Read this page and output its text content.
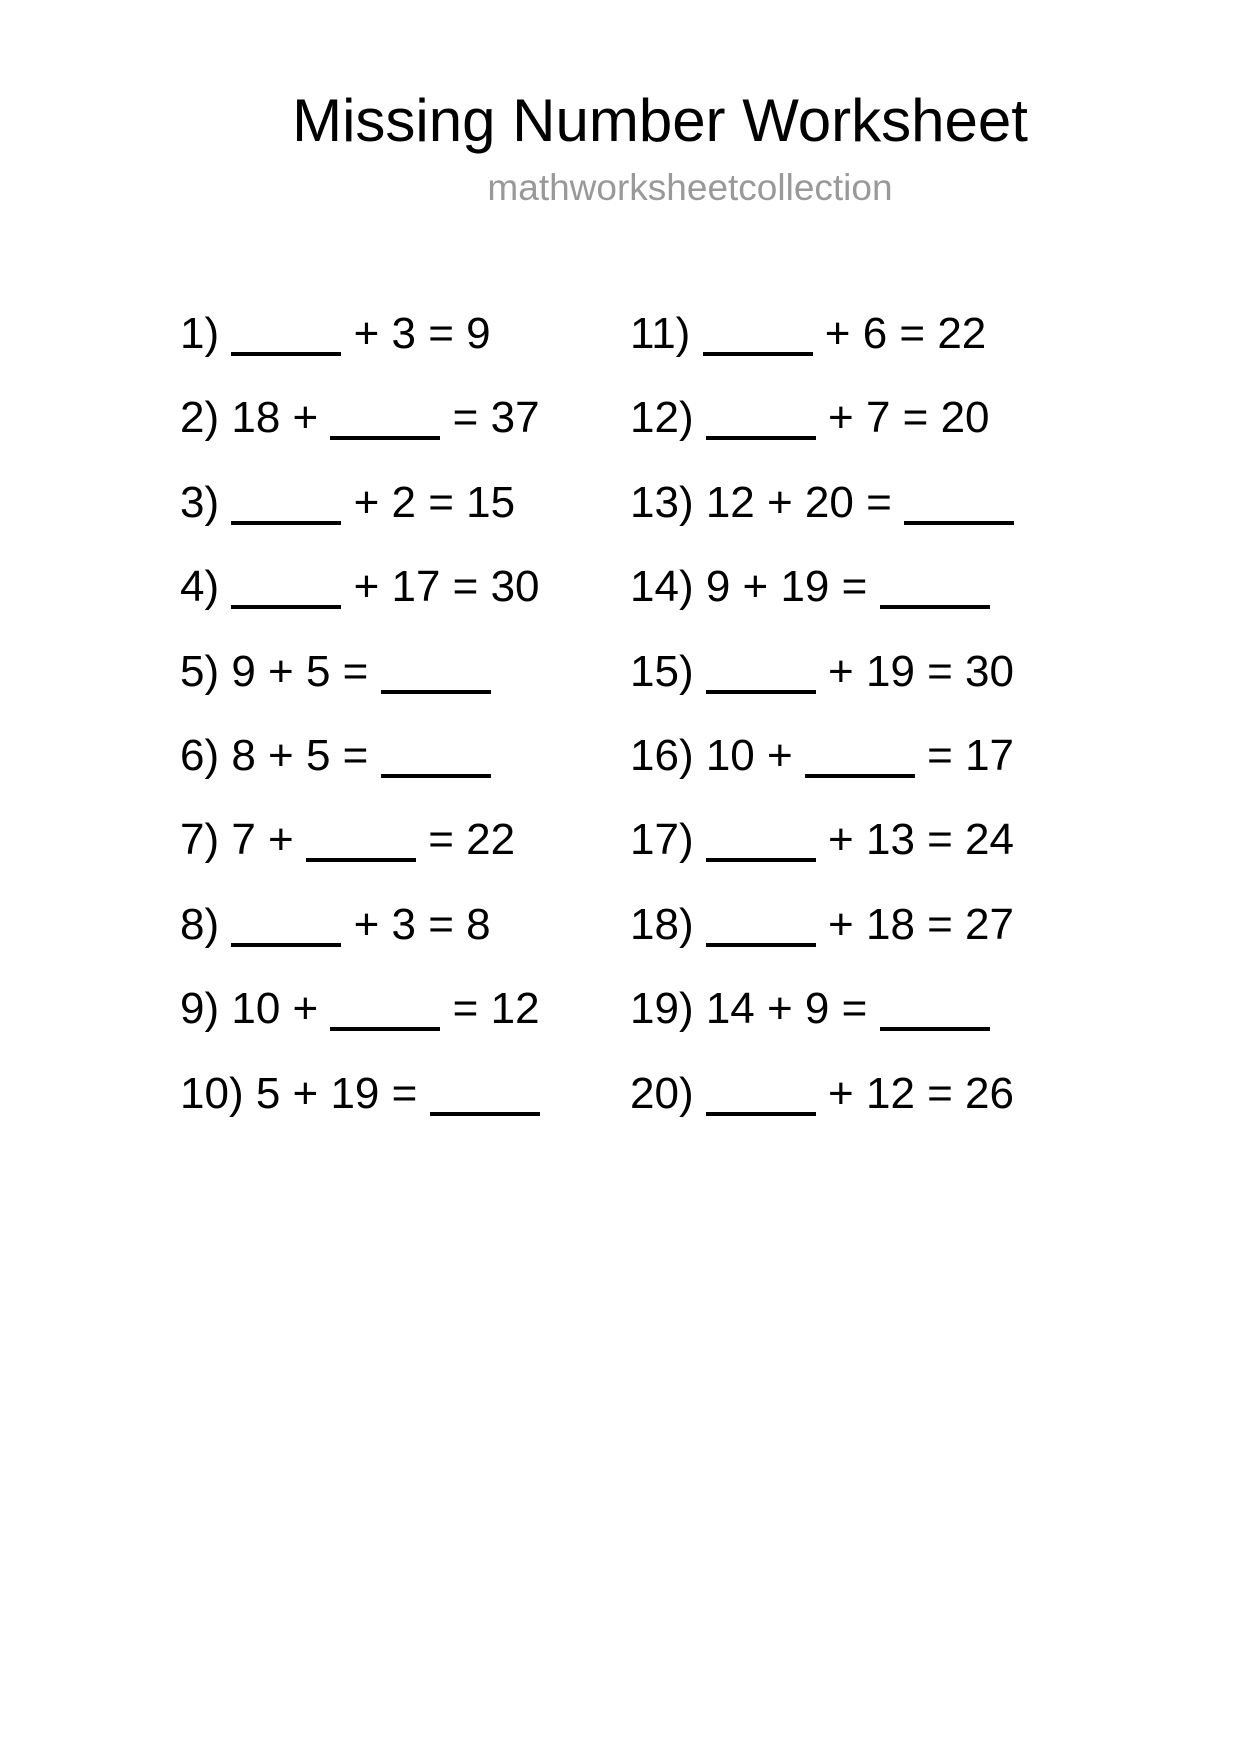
Missing Number Worksheet
mathworksheetcollection
1)	+ 3 = 9
2) 18 +	= 37
3)	+ 2 = 15
4)	+ 17 = 30
5) 9 + 5 =
6) 8 + 5 =
7) 7 +	= 22
8)	+ 3 = 8
9) 10 +	= 12
10) 5 + 19 =
11)	+ 6 = 22
12)	+ 7 = 20
13) 12 + 20 =
14) 9 + 19 =
15)	+ 19 = 30
16) 10 +	= 17
17)	+ 13 = 24
18)	+ 18 = 27
19) 14 + 9 =
20)	+ 12 = 26
